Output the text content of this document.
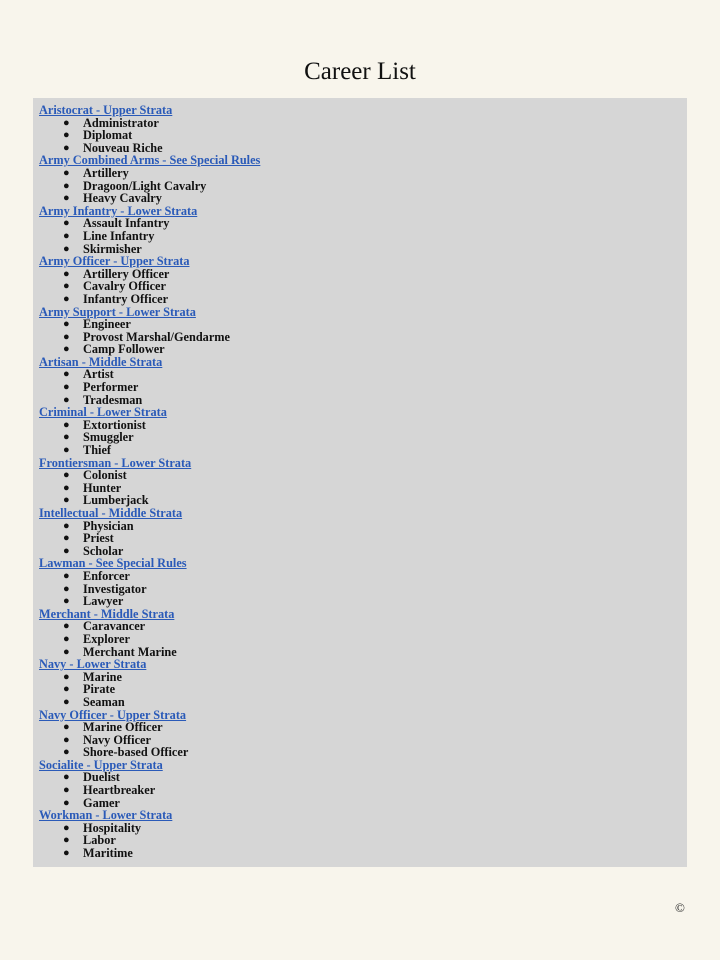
Career List
Aristocrat - Upper Strata
● Administrator
● Diplomat
● Nouveau Riche
Army Combined Arms - See Special Rules
● Artillery
● Dragoon/Light Cavalry
● Heavy Cavalry
Army Infantry - Lower Strata
● Assault Infantry
● Line Infantry
● Skirmisher
Army Officer - Upper Strata
● Artillery Officer
● Cavalry Officer
● Infantry Officer
Army Support - Lower Strata
● Engineer
● Provost Marshal/Gendarme
● Camp Follower
Artisan - Middle Strata
● Artist
● Performer
● Tradesman
Criminal - Lower Strata
● Extortionist
● Smuggler
● Thief
Frontiersman - Lower Strata
● Colonist
● Hunter
● Lumberjack
Intellectual - Middle Strata
● Physician
● Priest
● Scholar
Lawman - See Special Rules
● Enforcer
● Investigator
● Lawyer
Merchant - Middle Strata
● Caravancer
● Explorer
● Merchant Marine
Navy - Lower Strata
● Marine
● Pirate
● Seaman
Navy Officer - Upper Strata
● Marine Officer
● Navy Officer
● Shore-based Officer
Socialite - Upper Strata
● Duelist
● Heartbreaker
● Gamer
Workman - Lower Strata
● Hospitality
● Labor
● Maritime
©
